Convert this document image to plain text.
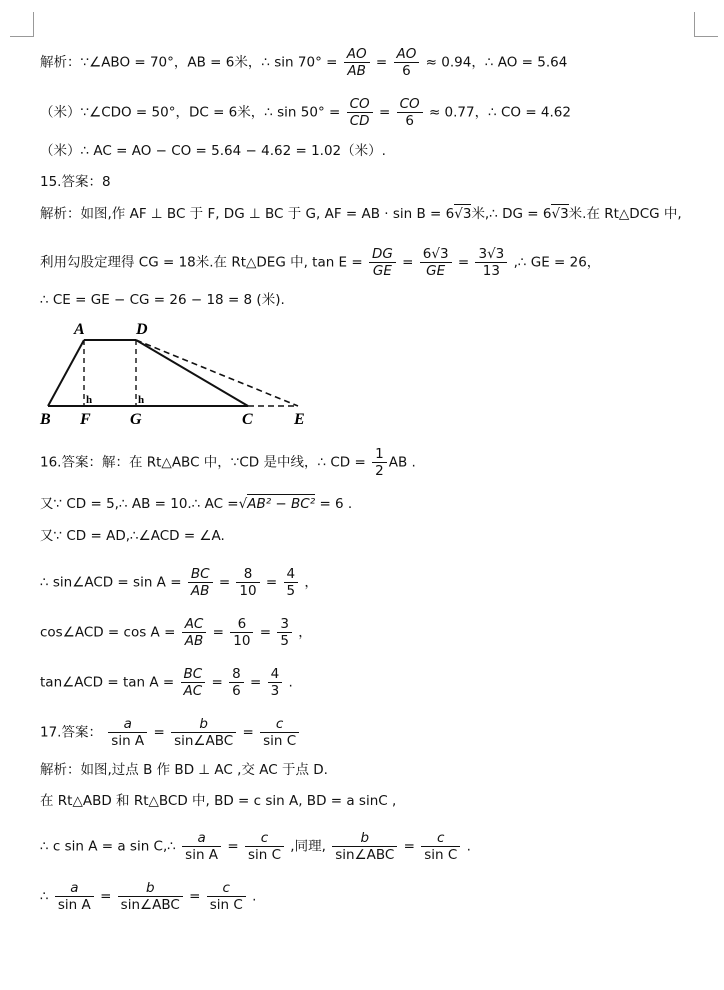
解析：∵∠ABO = 70°，AB = 6米，∴ $\sin 70^\circ = \frac{AO}{AB} = \frac{AO}{6} \approx 0.94$，∴ AO = 5.64
（米）∵∠CDO = 50°，DC = 6米，∴ $\sin 50^\circ = \frac{CO}{CD} = \frac{CO}{6} \approx 0.77$，∴ CO = 4.62
（米）∴ AC = AO − CO = 5.64 − 4.62 = 1.02（米）.
15.答案：8
解析：如图,作 AF ⊥ BC 于 F, DG ⊥ BC 于 G, AF = AB · sin B = 6√3米,∴ DG = 6√3米.在 Rt△DCG 中,
利用勾股定理得 CG = 18米.在 Rt△DEG 中, $\tan E = \frac{DG}{GE} = \frac{6√3}{GE} = \frac{3√3}{13}$ ,∴ GE = 26，
∴ CE = GE − CG = 26 − 18 = 8 (米).
h	h
A	D
B F G	C	E
16.答案：解：在 Rt△ABC 中，∵CD 是中线，∴ CD = $\frac{1}{2}$ AB .
又∵ CD = 5,∴ AB = 10.∴ AC =√AB² − BC² = 6 .
又∵ CD = AD,∴∠ACD = ∠A.
∴ sin∠ACD = $\sin A = \frac{BC}{AB} = \frac{8}{10} = \frac{4}{5}$ ，
cos∠ACD = $\cos A = \frac{AC}{AB} = \frac{6}{10} = \frac{3}{5}$ ，
tan∠ACD = $\tan A = \frac{BC}{AC} = \frac{8}{6} = \frac{4}{3}$ .
17.答案： $\frac{a}{\text{sin A}} = \frac{b}{\text{sin∠ABC}} = \frac{c}{\text{sin C}}$
解析：如图,过点 B 作 BD ⊥ AC ,交 AC 于点 D.
在 Rt△ABD 和 Rt△BCD 中, BD = c sin A, BD = a sinC ,
∴ c sin A = a sin C,∴ $\frac{a}{\text{sin A}} = \frac{c}{\text{sin C}}$ ,同理, $\frac{b}{\text{sin∠ABC}} = \frac{c}{\text{sin C}}$ .
∴ $\frac{a}{\text{sin A}} = \frac{b}{\text{sin∠ABC}} = \frac{c}{\text{sin C}}$ .
